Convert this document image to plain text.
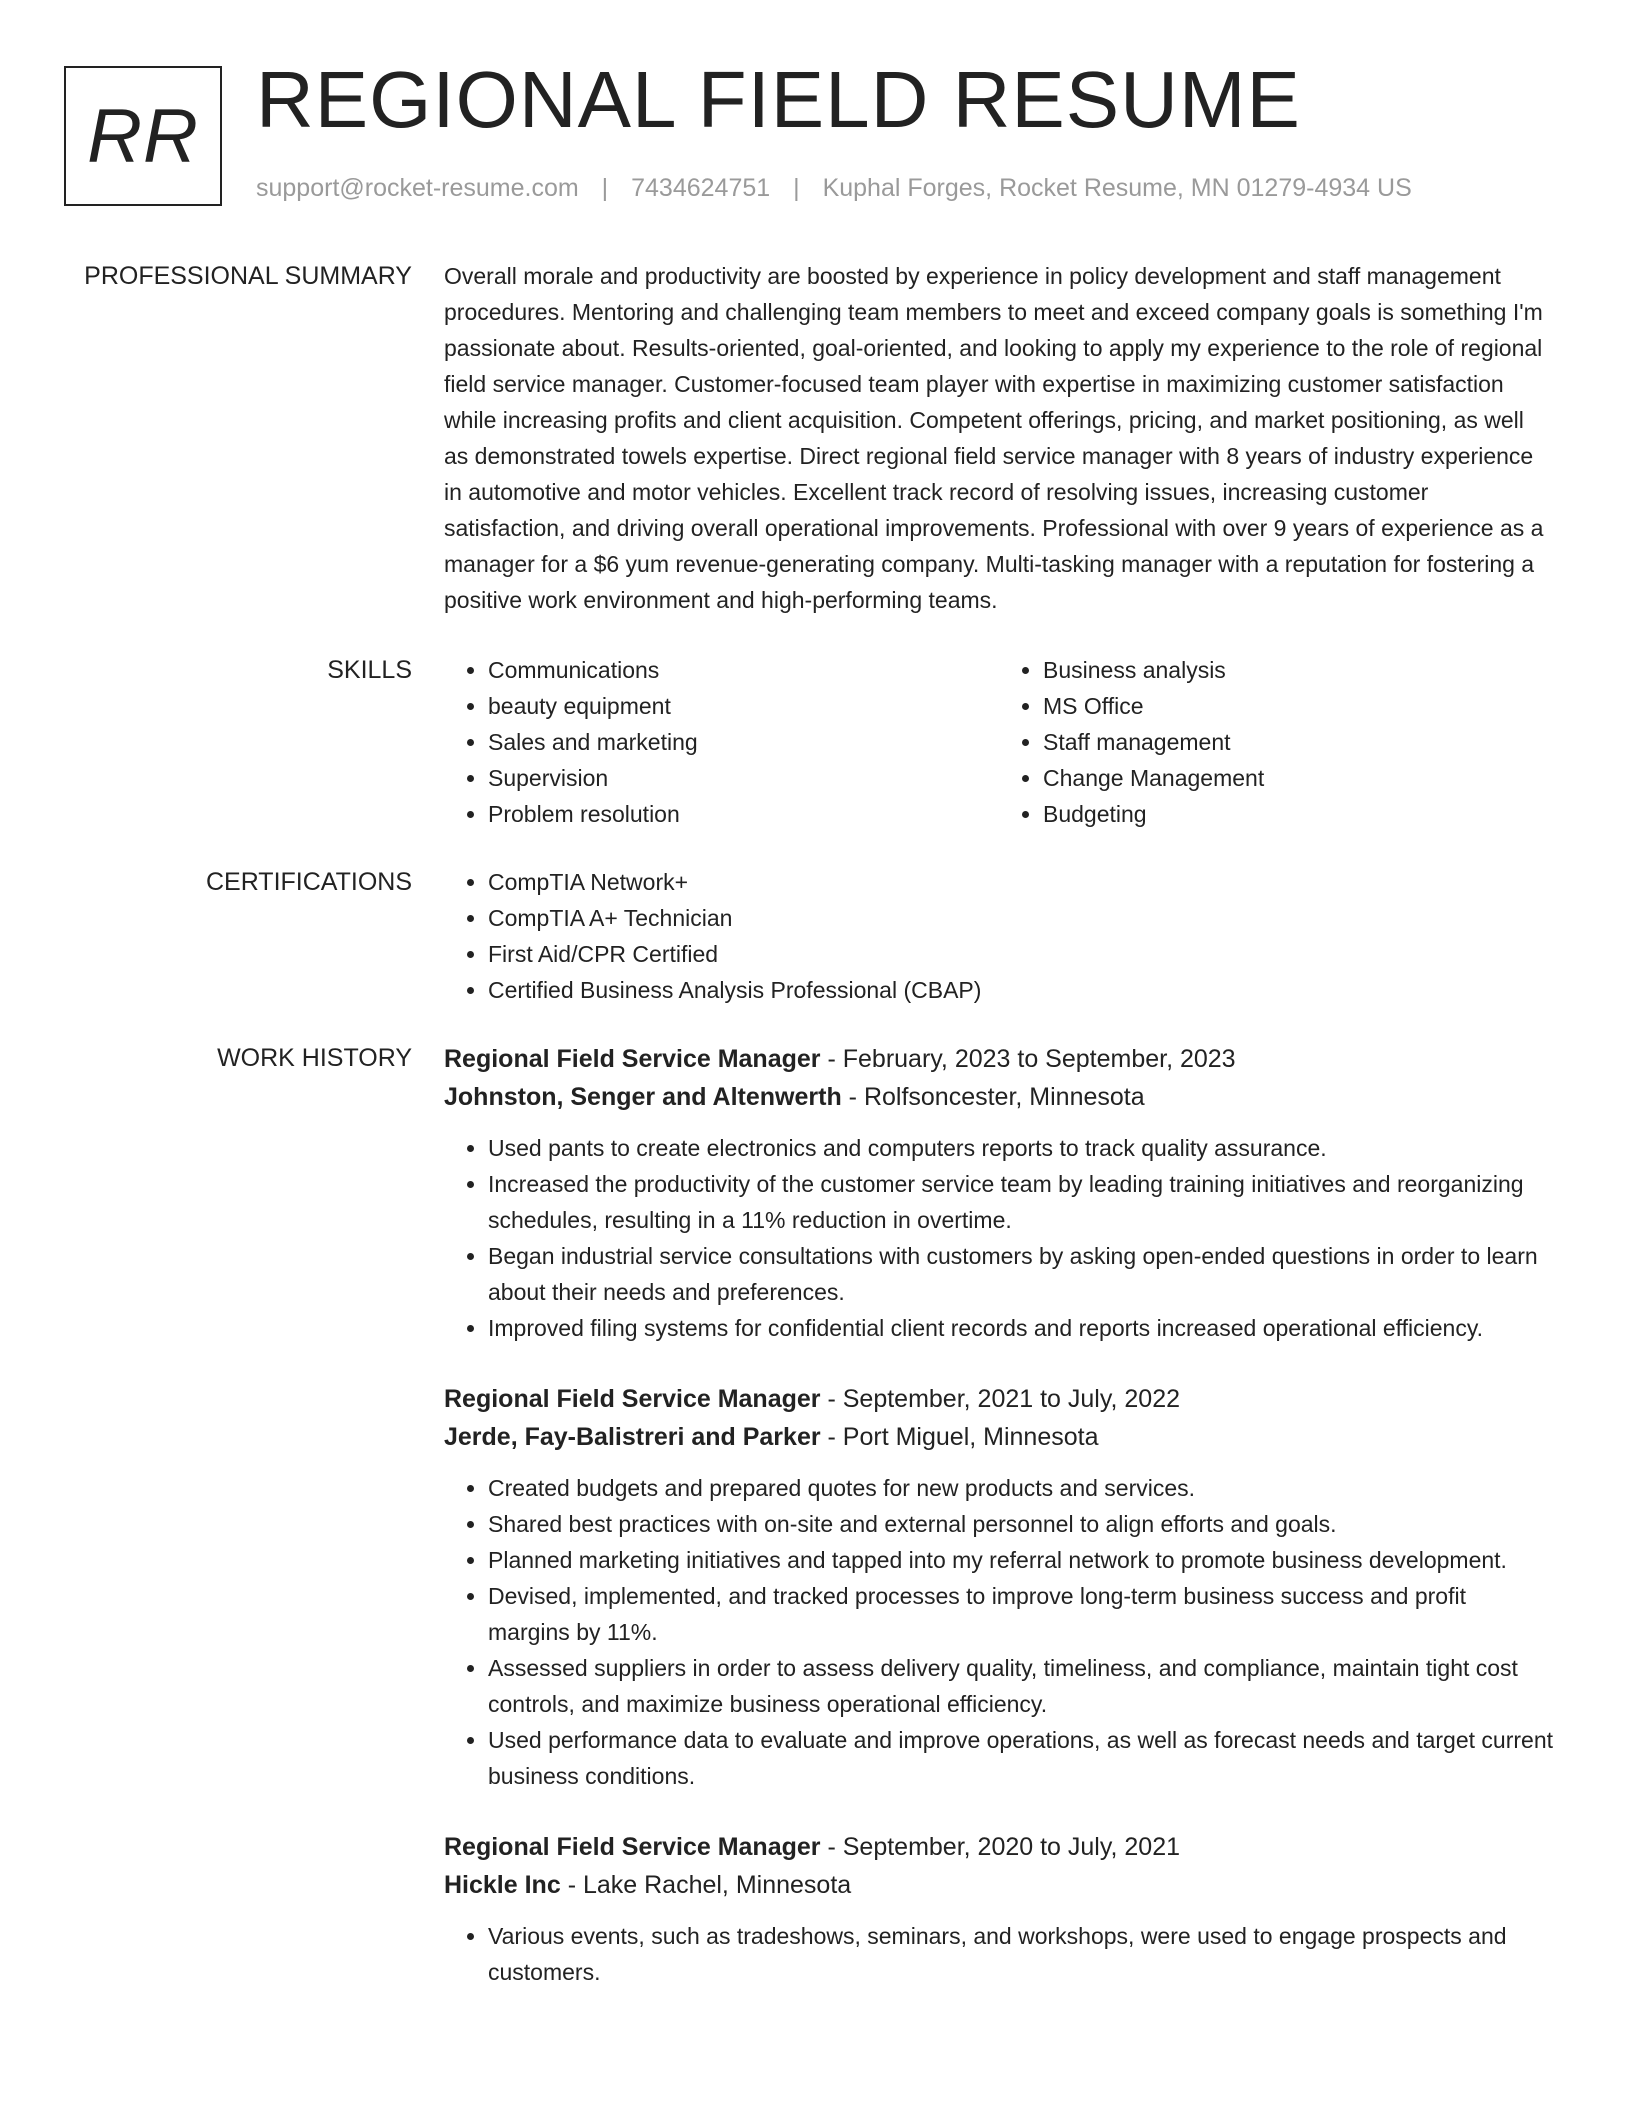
RR REGIONAL FIELD RESUME
support@rocket-resume.com | 7434624751 | Kuphal Forges, Rocket Resume, MN 01279-4934 US
PROFESSIONAL SUMMARY Overall morale and productivity are boosted by experience in policy development and staff management procedures. Mentoring and challenging team members to meet and exceed company goals is something I'm passionate about. Results-oriented, goal-oriented, and looking to apply my experience to the role of regional field service manager. Customer-focused team player with expertise in maximizing customer satisfaction while increasing profits and client acquisition. Competent offerings, pricing, and market positioning, as well as demonstrated towels expertise. Direct regional field service manager with 8 years of industry experience in automotive and motor vehicles. Excellent track record of resolving issues, increasing customer satisfaction, and driving overall operational improvements. Professional with over 9 years of experience as a manager for a $6 yum revenue-generating company. Multi-tasking manager with a reputation for fostering a positive work environment and high-performing teams.

SKILLS	• Communications
• beauty equipment
• Sales and marketing
• Supervision
• Problem resolution
• Business analysis
• MS Office
• Staff management
• Change Management
• Budgeting
CERTIFICATIONS	• CompTIA Network+
• CompTIA A+ Technician
• First Aid/CPR Certified
• Certified Business Analysis Professional (CBAP)
WORK HISTORY Regional Field Service Manager - February, 2023 to September, 2023
Johnston, Senger and Altenwerth - Rolfsoncester, Minnesota
• Used pants to create electronics and computers reports to track quality assurance.
• Increased the productivity of the customer service team by leading training initiatives and reorganizing schedules, resulting in a 11% reduction in overtime.
• Began industrial service consultations with customers by asking open-ended questions in order to learn about their needs and preferences.
• Improved filing systems for confidential client records and reports increased operational efficiency.
Regional Field Service Manager - September, 2021 to July, 2022
Jerde, Fay-Balistreri and Parker - Port Miguel, Minnesota
• Created budgets and prepared quotes for new products and services.
• Shared best practices with on-site and external personnel to align efforts and goals.
• Planned marketing initiatives and tapped into my referral network to promote business development.
• Devised, implemented, and tracked processes to improve long-term business success and profit margins by 11%.
• Assessed suppliers in order to assess delivery quality, timeliness, and compliance, maintain tight cost controls, and maximize business operational efficiency.
• Used performance data to evaluate and improve operations, as well as forecast needs and target current business conditions.
Regional Field Service Manager - September, 2020 to July, 2021
Hickle Inc - Lake Rachel, Minnesota
• Various events, such as tradeshows, seminars, and workshops, were used to engage prospects and customers.
